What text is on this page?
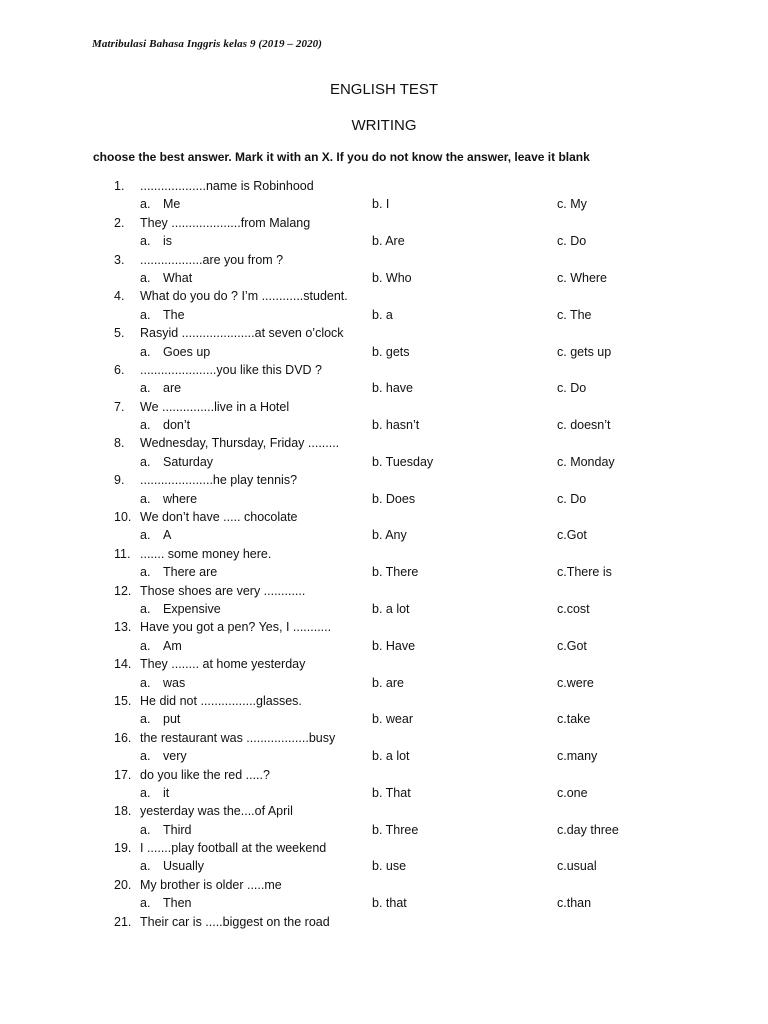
Matribulasi Bahasa Inggris kelas 9 (2019 – 2020)
ENGLISH TEST
WRITING
choose the best answer. Mark it with an X. If you do not know the answer, leave it blank
1. ...................name is Robinhood
a. Me	b. I	c. My
2. They ....................from Malang
a. is	b. Are	c. Do
3. ..................are you from ?
a. What	b. Who	c. Where
4. What do you do ? I’m ............student.
a. The	b. a	c. The
5. Rasyid .....................at seven o’clock
a. Goes up	b. gets	c. gets up
6. ......................you like this DVD ?
a. are	b. have	c. Do
7. We ...............live in a Hotel
a. don’t	b. hasn’t	c. doesn’t
8. Wednesday, Thursday, Friday .........
a. Saturday	b. Tuesday	c. Monday
9. .....................he play tennis?
a. where	b. Does	c. Do
10. We don’t have ..... chocolate
a. A	b. Any	c.Got
11. ....... some money here.
a. There are	b. There	c.There is
12. Those shoes are very ............
a. Expensive	b. a lot	c.cost
13. Have you got a pen? Yes, I ...........
a. Am	b. Have	c.Got
14. They ........ at home yesterday
a. was	b. are	c.were
15. He did not ................glasses.
a. put	b. wear	c.take
16. the restaurant was ..................busy
a. very	b. a lot	c.many
17. do you like the red .....?
a. it	b. That	c.one
18. yesterday was the....of April
a. Third	b. Three	c.day three
19. I .......play football at the weekend
a. Usually	b. use	c.usual
20. My brother is older .....me
a. Then	b. that	c.than
21. Their car is .....biggest on the road
